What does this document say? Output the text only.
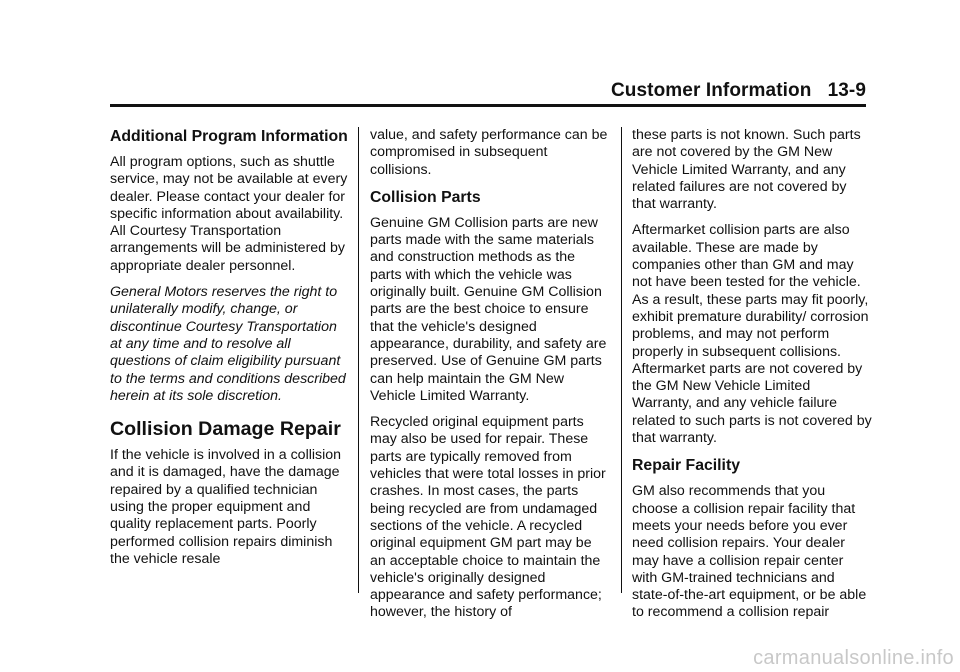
Customer Information 13-9
Additional Program Information

All program options, such as shuttle service, may not be available at every dealer. Please contact your dealer for specific information about availability. All Courtesy Transportation arrangements will be administered by appropriate dealer personnel.

General Motors reserves the right to unilaterally modify, change, or discontinue Courtesy Transportation at any time and to resolve all questions of claim eligibility pursuant to the terms and conditions described herein at its sole discretion.

Collision Damage Repair

If the vehicle is involved in a collision and it is damaged, have the damage repaired by a qualified technician using the proper equipment and quality replacement parts. Poorly performed collision repairs diminish the vehicle resale

value, and safety performance can be compromised in subsequent collisions.

Collision Parts

Genuine GM Collision parts are new parts made with the same materials and construction methods as the parts with which the vehicle was originally built. Genuine GM Collision parts are the best choice to ensure that the vehicle's designed appearance, durability, and safety are preserved. Use of Genuine GM parts can help maintain the GM New Vehicle Limited Warranty.

Recycled original equipment parts may also be used for repair. These parts are typically removed from vehicles that were total losses in prior crashes. In most cases, the parts being recycled are from undamaged sections of the vehicle. A recycled original equipment GM part may be an acceptable choice to maintain the vehicle's originally designed appearance and safety performance; however, the history of

these parts is not known. Such parts are not covered by the GM New Vehicle Limited Warranty, and any related failures are not covered by that warranty.

Aftermarket collision parts are also available. These are made by companies other than GM and may not have been tested for the vehicle. As a result, these parts may fit poorly, exhibit premature durability/ corrosion problems, and may not perform properly in subsequent collisions. Aftermarket parts are not covered by the GM New Vehicle Limited Warranty, and any vehicle failure related to such parts is not covered by that warranty.

Repair Facility

GM also recommends that you choose a collision repair facility that meets your needs before you ever need collision repairs. Your dealer may have a collision repair center with GM-trained technicians and state-of-the-art equipment, or be able to recommend a collision repair

carmanualsonline.info
